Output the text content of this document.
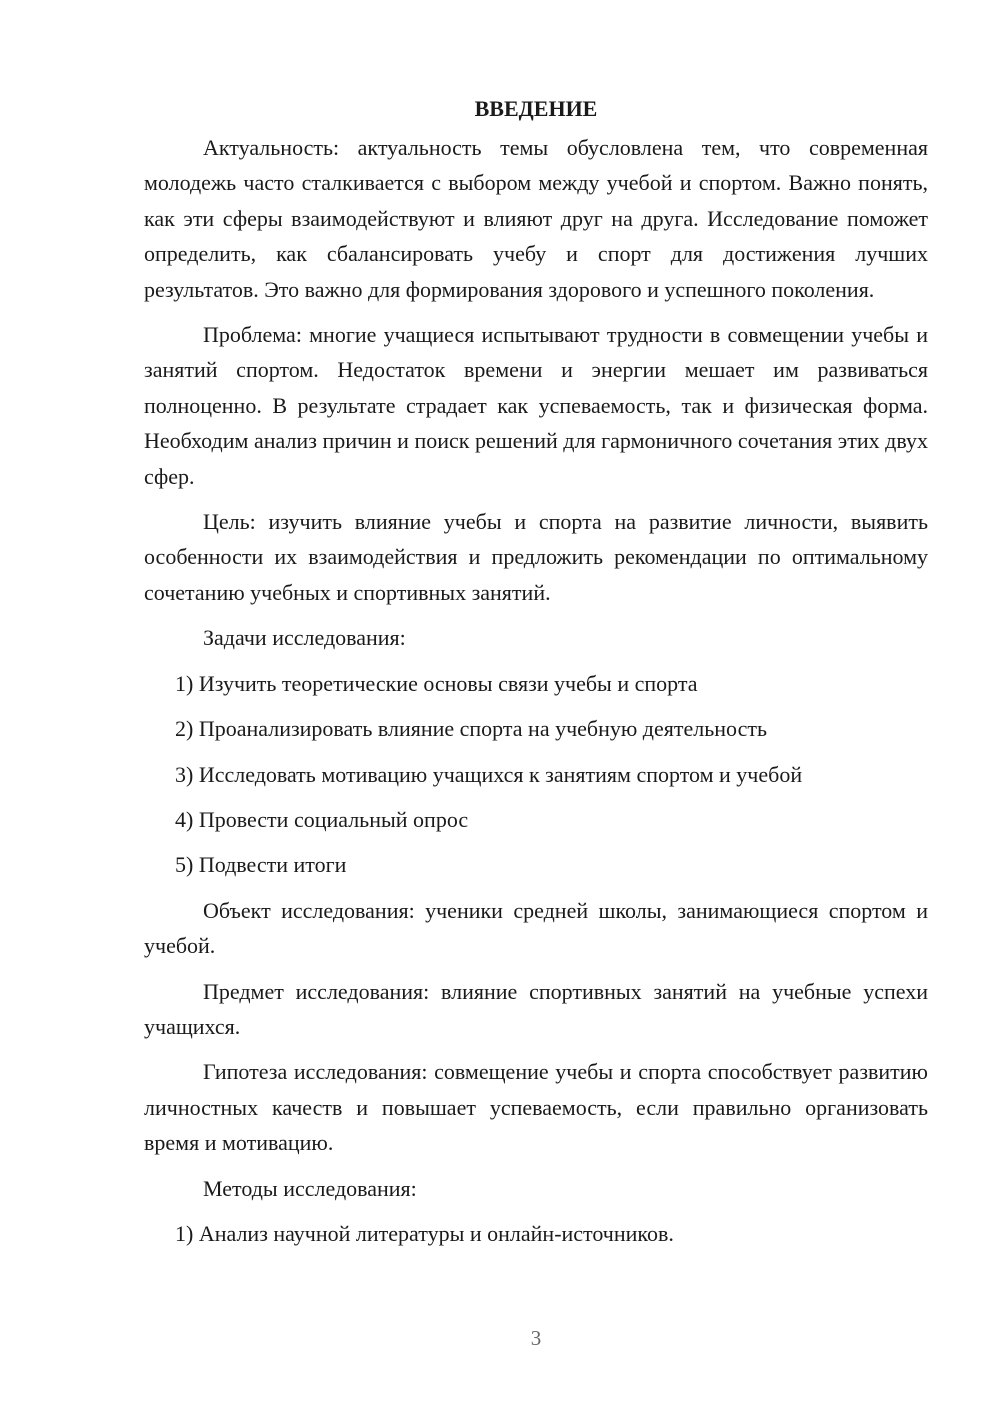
ВВЕДЕНИЕ

Актуальность: актуальность темы обусловлена тем, что современная молодежь часто сталкивается с выбором между учебой и спортом. Важно понять, как эти сферы взаимодействуют и влияют друг на друга. Исследование поможет определить, как сбалансировать учебу и спорт для достижения лучших результатов. Это важно для формирования здорового и успешного поколения.

Проблема: многие учащиеся испытывают трудности в совмещении учебы и занятий спортом. Недостаток времени и энергии мешает им развиваться полноценно. В результате страдает как успеваемость, так и физическая форма. Необходим анализ причин и поиск решений для гармоничного сочетания этих двух сфер.

Цель: изучить влияние учебы и спорта на развитие личности, выявить особенности их взаимодействия и предложить рекомендации по оптимальному сочетанию учебных и спортивных занятий.

Задачи исследования:

1) Изучить теоретические основы связи учебы и спорта
2) Проанализировать влияние спорта на учебную деятельность
3) Исследовать мотивацию учащихся к занятиям спортом и учебой
4) Провести социальный опрос
5) Подвести итоги

Объект исследования: ученики средней школы, занимающиеся спортом и учебой.

Предмет исследования: влияние спортивных занятий на учебные успехи учащихся.

Гипотеза исследования: совмещение учебы и спорта способствует развитию личностных качеств и повышает успеваемость, если правильно организовать время и мотивацию.

Методы исследования:

1) Анализ научной литературы и онлайн-источников.
3
